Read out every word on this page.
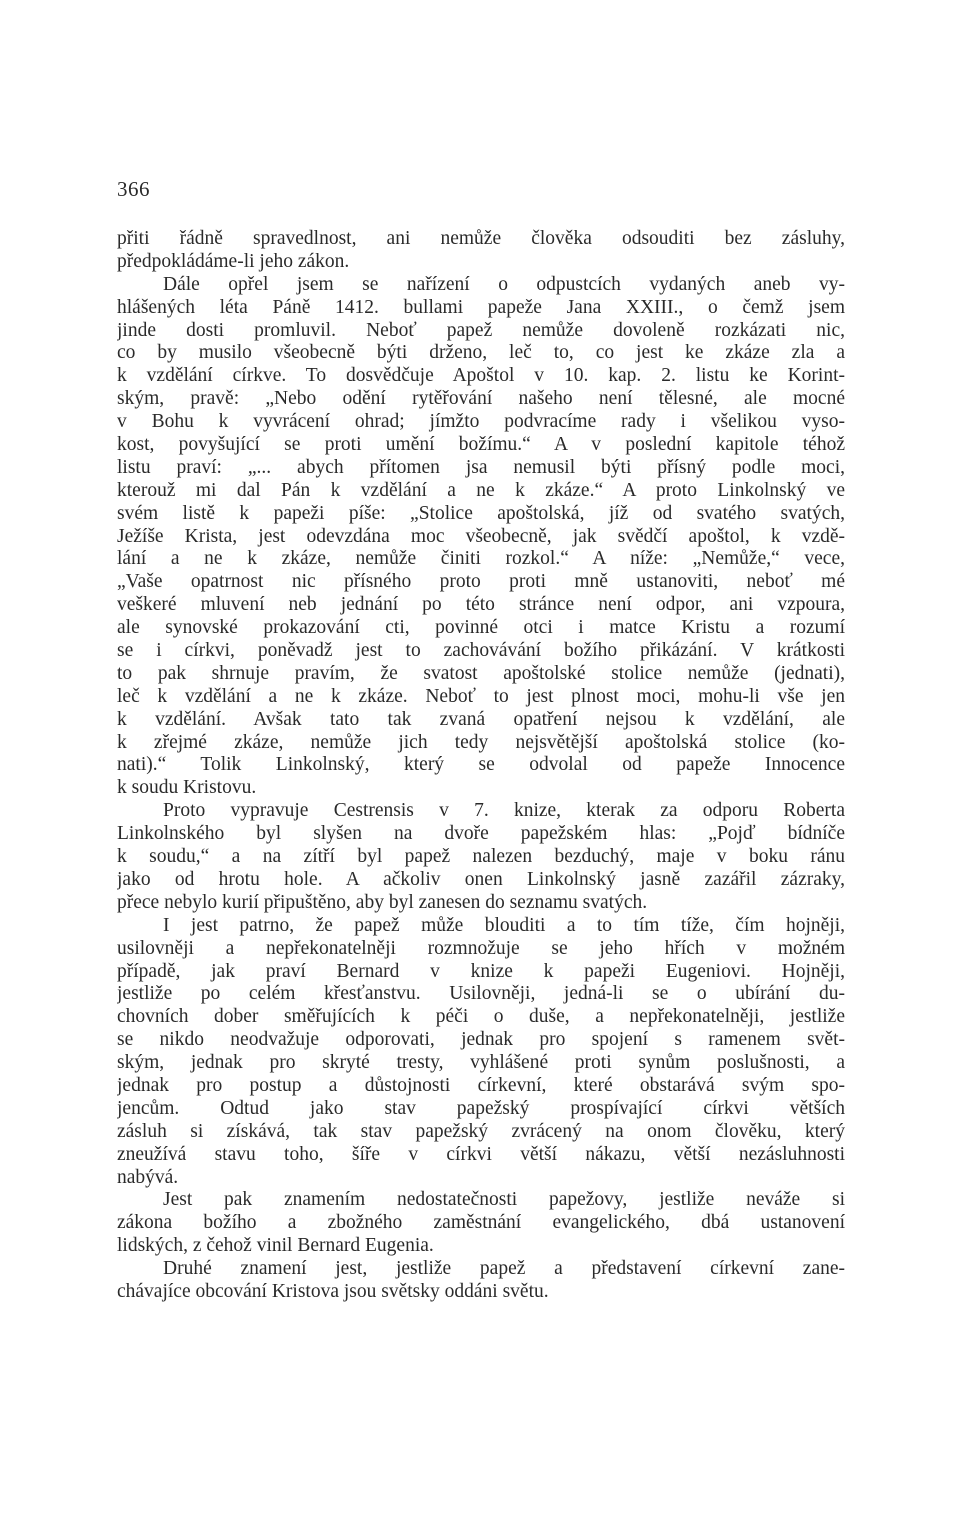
366
přiti řádně spravedlnost, ani nemůže člověka odsouditi bez zásluhy,
předpokládáme-li jeho zákon.
Dále opřel jsem se nařízení o odpustcích vydaných aneb vy-
hlášených léta Páně 1412. bullami papeže Jana XXIII., o čemž jsem
jinde dosti promluvil. Neboť papež nemůže dovoleně rozkázati nic,
co by musilo všeobecně býti drženo, leč to, co jest ke zkáze zla a
k vzdělání církve. To dosvědčuje Apoštol v 10. kap. 2. listu ke Korint-
ským, pravě: „Nebo odění rytěřování našeho není tělesné, ale mocné
v Bohu k vyvrácení ohrad; jímžto podvracíme rady i všelikou vyso-
kost, povyšující se proti umění božímu.“ A v poslední kapitole téhož
listu praví: „... abych přítomen jsa nemusil býti přísný podle moci,
kterouž mi dal Pán k vzdělání a ne k zkáze.“ A proto Linkolnský ve
svém listě k papeži píše: „Stolice apoštolská, jíž od svatého svatých,
Ježíše Krista, jest odevzdána moc všeobecně, jak svědčí apoštol, k vzdě-
lání a ne k zkáze, nemůže činiti rozkol.“ A níže: „Nemůže,“ vece,
„Vaše opatrnost nic přísného proto proti mně ustanoviti, neboť mé
veškeré mluvení neb jednání po této stránce není odpor, ani vzpoura,
ale synovské prokazování cti, povinné otci i matce Kristu a rozumí
se i církvi, poněvadž jest to zachovávání božího přikázání. V krátkosti
to pak shrnuje pravím, že svatost apoštolské stolice nemůže (jednati),
leč k vzdělání a ne k zkáze. Neboť to jest plnost moci, mohu-li vše jen
k vzdělání. Avšak tato tak zvaná opatření nejsou k vzdělání, ale
k zřejmé zkáze, nemůže jich tedy nejsvětější apoštolská stolice (ko-
nati).“ Tolik Linkolnský, který se odvolal od papeže Innocence
k soudu Kristovu.
Proto vypravuje Cestrensis v 7. knize, kterak za odporu Roberta
Linkolnského byl slyšen na dvoře papežském hlas: „Pojď bídníče
k soudu,“ a na zítří byl papež nalezen bezduchý, maje v boku ránu
jako od hrotu hole. A ačkoliv onen Linkolnský jasně zazářil zázraky,
přece nebylo kurií připuštěno, aby byl zanesen do seznamu svatých.
I jest patrno, že papež může blouditi a to tím tíže, čím hojněji,
usilovněji a nepřekonatelněji rozmnožuje se jeho hřích v možném
případě, jak praví Bernard v knize k papeži Eugeniovi. Hojněji,
jestliže po celém křesťanstvu. Usilovněji, jedná-li se o ubírání du-
chovních dober směřujících k péči o duše, a nepřekonatelněji, jestliže
se nikdo neodvažuje odporovati, jednak pro spojení s ramenem svět-
ským, jednak pro skryté tresty, vyhlášené proti synům poslušnosti, a
jednak pro postup a důstojnosti církevní, které obstarává svým spo-
jencům. Odtud jako stav papežský prospívající církvi větších
zásluh si získává, tak stav papežský zvrácený na onom člověku, který
zneužívá stavu toho, šíře v církvi větší nákazu, větší nezásluhnosti
nabývá.
Jest pak znamením nedostatečnosti papežovy, jestliže neváže si
zákona božího a zbožného zaměstnání evangelického, dbá ustanovení
lidských, z čehož vinil Bernard Eugenia.
Druhé znamení jest, jestliže papež a představení církevní zane-
chávajíce obcování Kristova jsou světsky oddáni světu.
